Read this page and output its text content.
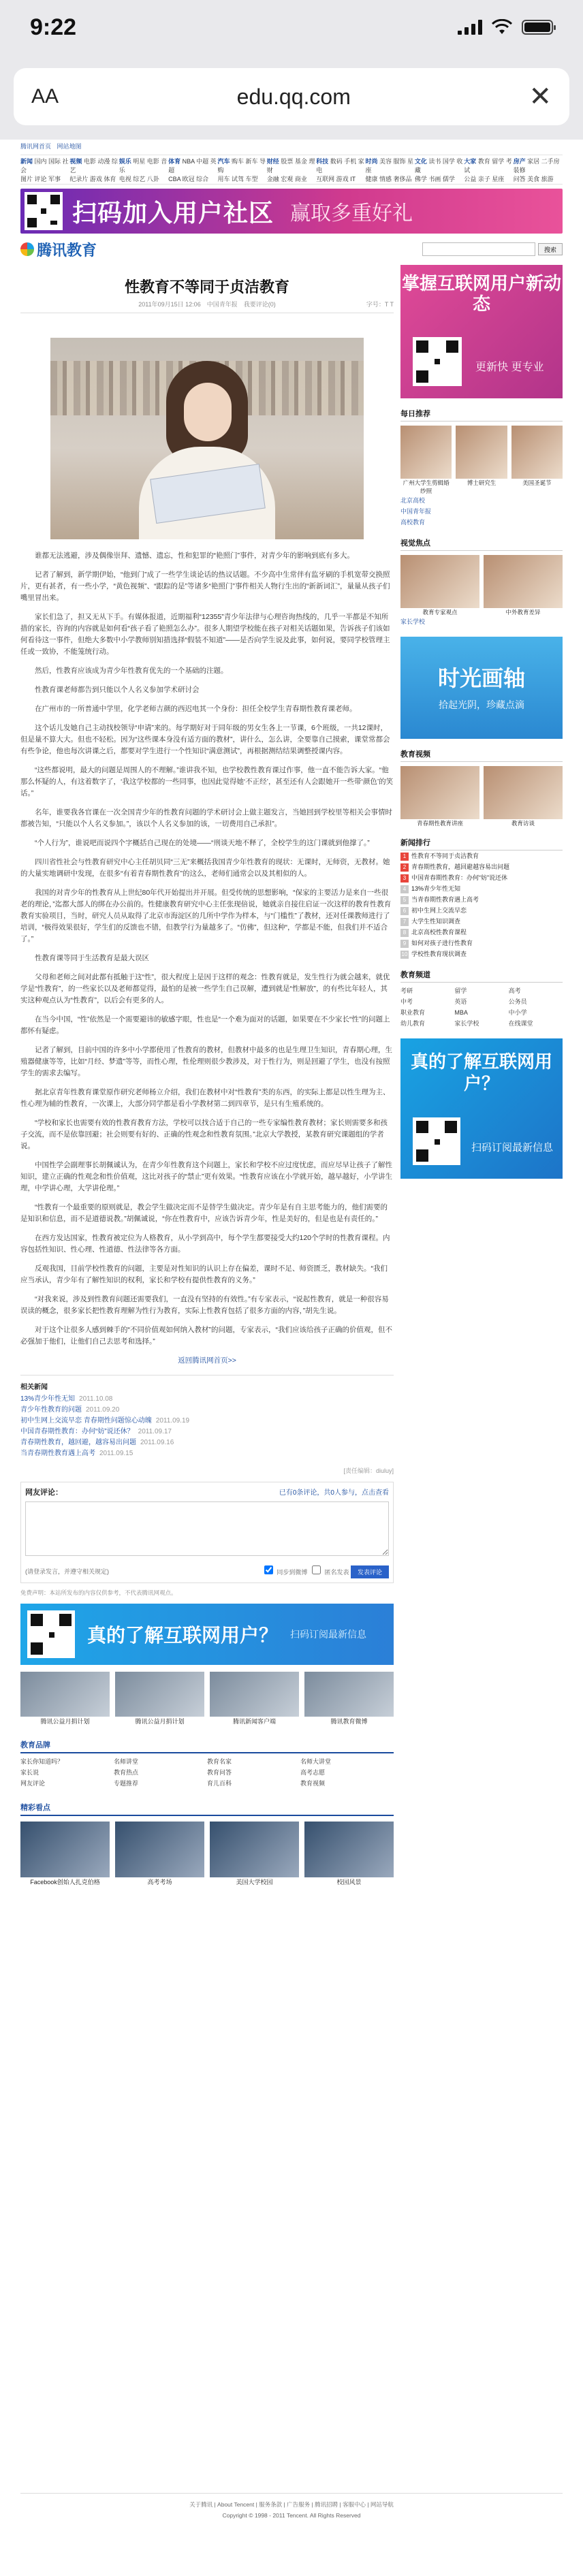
9:22
AA	edu.qq.com	✕
腾讯网首页 网站地图
新闻 国内 国际 社会
图片 评论 军事

视频 电影 动漫 综艺
纪录片 游戏 体育

娱乐 明星 电影 音乐
电视 综艺 八卦

体育 NBA 中超 英超
CBA 欧冠 综合

汽车 购车 新车 导购
用车 试驾 车型

财经 股票 基金 理财
金融 宏观 商业

科技 数码 手机 家电
互联网 游戏 IT

时尚 美容 服饰 星座
健康 情感 奢侈品

文化 读书 国学 收藏
佛学 书画 儒学

大家 教育 留学 考试
公益 亲子 星座

房产 家居 二手房 装修
问答 美食 旅游

扫码加入用户社区 赢取多重好礼
腾讯教育	搜索
性教育不等同于贞洁教育
2011年09月15日 12:06　中国青年报　我要评论(0)	字号：T T

谁都无法逃避，涉及偶像崇拜、遗憾、遗忘，性和犯罪的“艳照门”事件，对青少年的影响到底有多大。

记者了解到，新学期伊始，“他到门”成了一些学生谈论话的热议话题。不少高中生常伴有监牙刷的手机宽带交换照片，更有甚者，有一些小学，“黄色视频”、“跟踪的是”等诸多“艳照门”事件相关人物行生出的“新新词汇”，量量从孩子们嘴里冒出来。

家长们急了，担又无从下手。有媒体报道，近期福利“12355”青少年法律与心理咨询热线的，几乎一半都是不知所措的家长，咨询的内容就是如何看“孩子看了艳照怎么办”。很多人期望学校能在孩子对相关话题如果，告诉孩子们该如何看待这一事件，但绝大多数中小学教师别知措选择“假装不知道”——是否向学生说及此事，如何说，要同学校管理主任或一致协，不能笼统行动。

然后，性教育应该成为青少年性教育优先的一个基础的注题。

性教育课老师都告到只能以个人名义参加学术研讨会

在广州市的一所普通中学里，化学老师吉颜的西迟电其一个身份：担任全校学生青春期性教育课老师。

这个话儿发她自己主动找校领导“申请”来的。每学期好对于同年级的男女生各上一节课，6个班级，一共12课时，但是量不算大大。但也不轻松。因为“这些课本身没有适方面的教材”，讲什么，怎么讲，全要靠自己摸索，课堂常都会有些争论，他也每次讲课之后，都要对学生进行一个性知识“满意测试”，再根据测结结果调整授课内容。

“这些都说明，最大的问题是周围人的不理解。”谁讲我不知，也学校教性教育课过作事，他一直不能告诉大家。“他那么怀疑的人，有这着数字了，‘我这学校都的一些同事，也因此觉得她‘不正经’，甚至还有人会跟她开一些带‘颜色’的笑话。”

名年，谁要我各官课在一次全国青少年的性教育问题的学术研讨会上做主题发言，当她回到学校里等相关会事情时都被告知，“只能以个人名义参加。”，该以个人名义参加的该，一切费用自己承担”。

“个人行为”，谁说吧而说四个字概括自己现在的处境——“刑谈天地不释了，全校学生的这门课就到他撑了。”

四川省性社会与性教育研究中心主任胡贝同“三无”来概括我国青少年性教育的现状：无课时，无师资，无教材。她的大量实地调研中发现，在很多“有着青春期性教育”的这么，老师们通常会以及其相似的人。

我国的对青少年的性教育从上世纪80年代开始提出并开展。但受传统的思想影响，“保家的主要活力是来自一些很老的理论，”迄都大部人的绑在办公前的。性健康教育研究中心主任张现倍说，她就亲自接住启证一次这样的教育性教育教育实验项目，当时，研究人员从取得了北京市海淀区的几所中学作为样本，与“门槛性”了教材，还对任课教师进行了培训，“极得效果很好，学生们的反馈也不错，但教学行为量越多了。“仿佛”，但这种“，学都是不能，但我们并不适合了。”

性教育课等同于生活教育是最大误区

父母和老师之间对此都有抵触于这“性”，很大程度上是因于这样的观念：性教育就是，发生性行为就会越来，就优学是“性教育”，的一些家长以及老师都觉得，最怕的是被一些学生自己误解，遭到就是“性解放”，的有些比年轻人，其实这种观点认为“性教育”，以后会有更多的人。

在当今中国，“性”依然是一个需要避讳的敏感字眼，性也是“一个难为面对的话题，如果要在不少家长“性”的问题上都怀有疑虑。

记者了解到，目前中国的许多中小学都使用了性教育的教材，但教材中最多的也是生理卫生知识，青春期心理，生殖器健康等等，比如“月经、梦遗”等等，而性心理，性伦理则很少教涉及，对于性行为，则是回避了学生，也没有按照学生的需求去编写。

据北京青年性教育课堂原作研究老师杨立介绍，我们在教材中对“性教育”类的东西，的实际上都是以性生理为主、性心理为辅的性教育，一次课上，大部分同学都是看小学教材第二到四章节，是只有生殖系统的。

“学校和家长也需要有效的性教育教育方法，学校可以找合适于自己的一些专家编性教育教材；家长则需要多和孩子交流，而不是依靠回避；社会则要有好的、正确的性观念和性教育氛围。”北京大学教授，某教育研究课题组的学者说。

中国性学会副理事长胡佩诚认为，在青少年性教育这个问题上，家长和学校不应过度忧虑，而应尽早让孩子了解性知识，建立正确的性观念和性价值观，这比对孩子的“禁止”更有效果。“性教育应该在小学就开始，越早越好，小学讲生理，中学讲心理，大学讲伦理。”

“性教育一个最重要的原则就是，教会学生做决定而不是替学生做决定。青少年是有自主思考能力的，他们需要的是知识和信息，而不是道德说教。”胡佩诚说，“你在性教育中，应该告诉青少年，性是美好的，但是也是有责任的。”

在西方发达国家，性教育被定位为人格教育，从小学到高中，每个学生都要接受大约120个学时的性教育课程。内容包括性知识、性心理、性道德、性法律等各方面。

反观我国，目前学校性教育的问题，主要是对性知识的认识上存在偏差，课时不足、师资匮乏，教材缺失。“我们应当承认，青少年有了解性知识的权利，家长和学校有提供性教育的义务。”

“对我来说，涉及到性教育问题还需要我们，一直没有坚持的有效性。”有专家表示，“说起性教育，就是一种很容易误读的概念，很多家长把性教育理解为性行为教育，实际上性教育包括了很多方面的内容，”胡先生说。

对于这个让很多人感到棘手的“不同价值观如何纳入教材”的问题，专家表示，“我们应该给孩子正确的价值观，但不必强加于他们，让他们自己去思考和选择。”

返回腾讯网首页>>

相关新闻
13%青少年性无知 2011.10.08
青少年性教育的问题 2011.09.20
初中生网上交流早恋 青春期性问题惊心动魄 2011.09.19
中国青春期性教育：办何“妨”说还休？ 2011.09.17
青春期性教育，越回避，越容易出问题 2011.09.16
当青春期性教育遇上高考 2011.09.15
[责任编辑：diuluy]
网友评论：	已有0条评论，共0人参与，点击查看
(请登录发言，并遵守相关规定)	同步到微博	匿名发表 发表评论
免费声明：本站所发布的内容仅供参考，不代表腾讯网观点。
真的了解互联网用户？ 扫码订阅最新信息
腾讯公益月捐计划	腾讯公益月捐计划	腾讯新闻客户端	腾讯教育微博
教育品牌
家长你知道吗？	名师讲堂	教育名家	名师大讲堂
家长说	教育热点	教育问答	高考志愿
网友评论	专题推荐	育儿百科	教育视频
精彩看点
Facebook创始人扎克伯格	高考考场	美国大学校园	校园风景
掌握互联网用户新动态
更新快 更专业
每日推荐
广州大学生剪辑婚纱照
博士研究生	美国圣诞节
北京高校
中国青年报
高校教育
视觉焦点
教育专家观点	中外教育差异
家长学校
时光画轴
拾起光阴，珍藏点滴
教育视频
青春期性教育讲座	教育访谈
新闻排行
1 性教育不等同于贞洁教育
2 青春期性教育，越回避越容易出问题
3 中国青春期性教育：办何“妨”说还休
4 13%青少年性无知
5 当青春期性教育遇上高考
6 初中生网上交流早恋
7 大学生性知识调查
8 北京高校性教育课程
9 如何对孩子进行性教育
10 学校性教育现状调查
教育频道
考研	留学	高考
中考	英语	公务员
职业教育	MBA	中小学
幼儿教育	家长学校	在线课堂
真的了解互联网用户？
扫码订阅最新信息
关于腾讯 | About Tencent | 服务条款 | 广告服务 | 腾讯招聘 | 客服中心 | 网站导航
Copyright © 1998 - 2011 Tencent. All Rights Reserved
